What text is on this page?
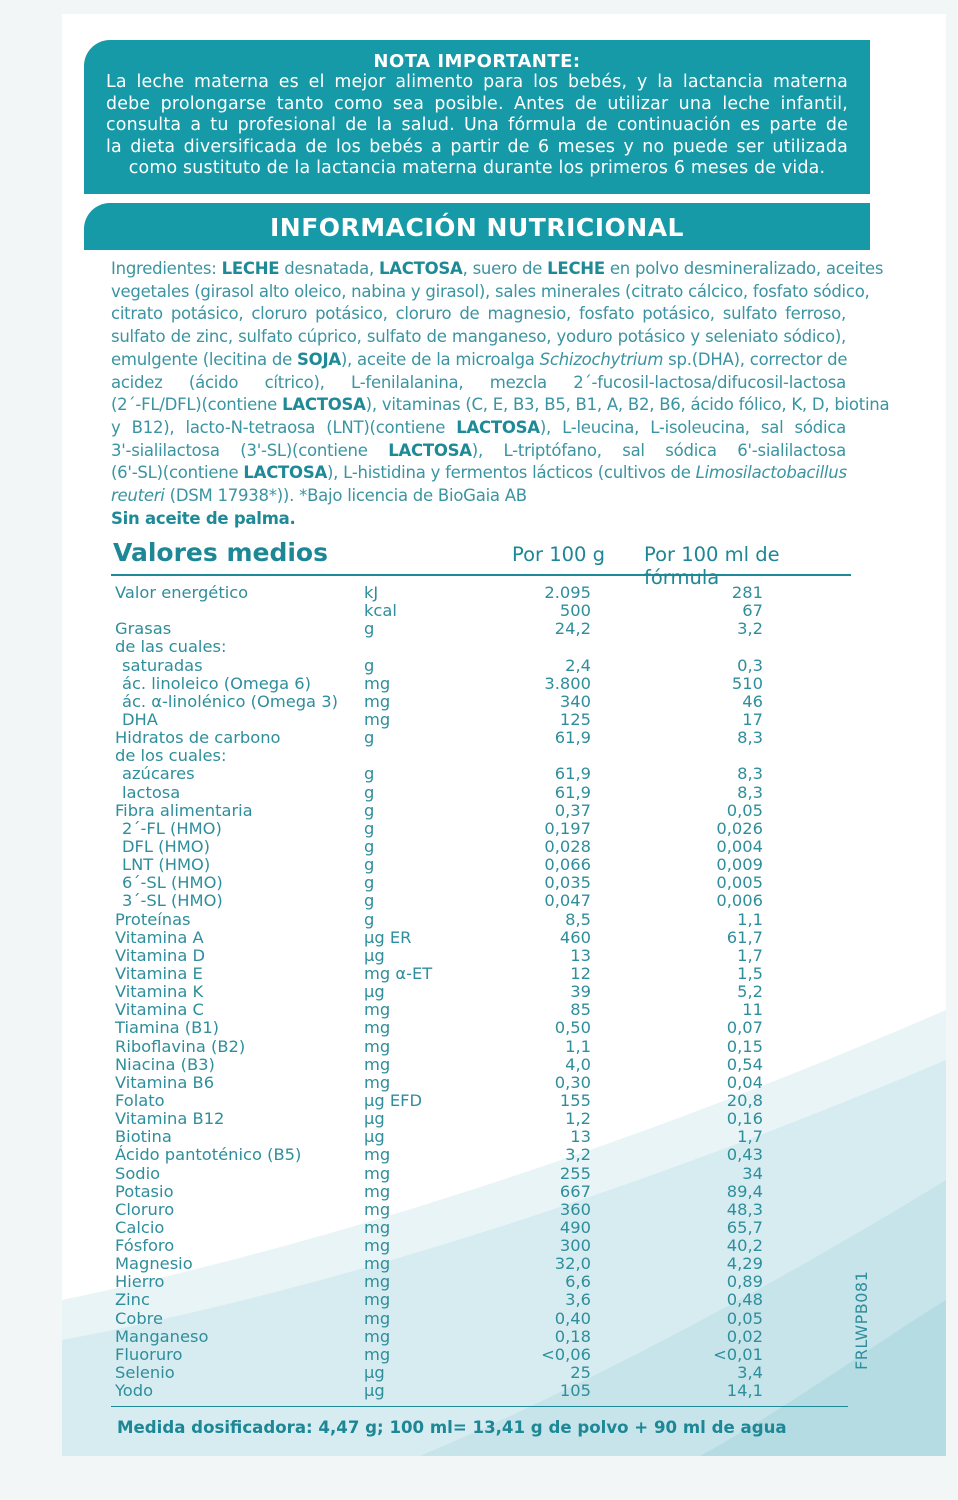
NOTA IMPORTANTE:
La leche materna es el mejor alimento para los bebés, y la lactancia materna
debe prolongarse tanto como sea posible. Antes de utilizar una leche infantil,
consulta a tu profesional de la salud. Una fórmula de continuación es parte de
la dieta diversificada de los bebés a partir de 6 meses y no puede ser utilizada
como sustituto de la lactancia materna durante los primeros 6 meses de vida.
INFORMACIÓN NUTRICIONAL
Ingredientes: LECHE desnatada, LACTOSA, suero de LECHE en polvo desmineralizado, aceites
vegetales (girasol alto oleico, nabina y girasol), sales minerales (citrato cálcico, fosfato sódico,
citrato potásico, cloruro potásico, cloruro de magnesio, fosfato potásico, sulfato ferroso,
sulfato de zinc, sulfato cúprico, sulfato de manganeso, yoduro potásico y seleniato sódico),
emulgente (lecitina de SOJA), aceite de la microalga Schizochytrium sp.(DHA), corrector de
acidez (ácido cítrico), L-fenilalanina, mezcla 2´-fucosil-lactosa/difucosil-lactosa
(2´-FL/DFL)(contiene LACTOSA), vitaminas (C, E, B3, B5, B1, A, B2, B6, ácido fólico, K, D, biotina
y B12), lacto-N-tetraosa (LNT)(contiene LACTOSA), L-leucina, L-isoleucina, sal sódica
3'-sialilactosa (3'-SL)(contiene LACTOSA), L-triptófano, sal sódica 6'-sialilactosa
(6'-SL)(contiene LACTOSA), L-histidina y fermentos lácticos (cultivos de Limosilactobacillus
reuteri (DSM 17938*)). *Bajo licencia de BioGaia AB
Sin aceite de palma.
Valores medios	Por 100 g Por 100 ml de fórmula
Valor energético	kJ	2.095	281
kcal	500	67
Grasas	g	24,2	3,2
de las cuales:
saturadas	g	2,4	0,3
ác. linoleico (Omega 6)	mg	3.800	510
ác. α-linolénico (Omega 3) mg	340	46
DHA	mg	125	17
Hidratos de carbono	g	61,9	8,3
de los cuales:
azúcares	g	61,9	8,3
lactosa	g	61,9	8,3
Fibra alimentaria	g	0,37	0,05
2´-FL (HMO)	g	0,197	0,026
DFL (HMO)	g	0,028	0,004
LNT (HMO)	g	0,066	0,009
6´-SL (HMO)	g	0,035	0,005
3´-SL (HMO)	g	0,047	0,006
Proteínas	g	8,5	1,1
Vitamina A	µg ER	460	61,7
Vitamina D	µg	13	1,7
Vitamina E	mg α-ET	12	1,5
Vitamina K	µg	39	5,2
Vitamina C	mg	85	11
Tiamina (B1)	mg	0,50	0,07
Riboflavina (B2)	mg	1,1	0,15
Niacina (B3)	mg	4,0	0,54
Vitamina B6	mg	0,30	0,04
Folato	µg EFD	155	20,8
Vitamina B12	µg	1,2	0,16
Biotina	µg	13	1,7
Ácido pantoténico (B5)	mg	3,2	0,43
Sodio	mg	255	34
Potasio	mg	667	89,4
Cloruro	mg	360	48,3
Calcio	mg	490	65,7
Fósforo	mg	300	40,2
Magnesio	mg	32,0	4,29
Hierro	mg	6,6	0,89
Zinc	mg	3,6	0,48
Cobre	mg	0,40	0,05
Manganeso	mg	0,18	0,02
Fluoruro	mg	<0,06	<0,01
Selenio	µg	25	3,4
Yodo	µg	105	14,1
Medida dosificadora: 4,47 g; 100 ml= 13,41 g de polvo + 90 ml de agua
FRLWPB081
